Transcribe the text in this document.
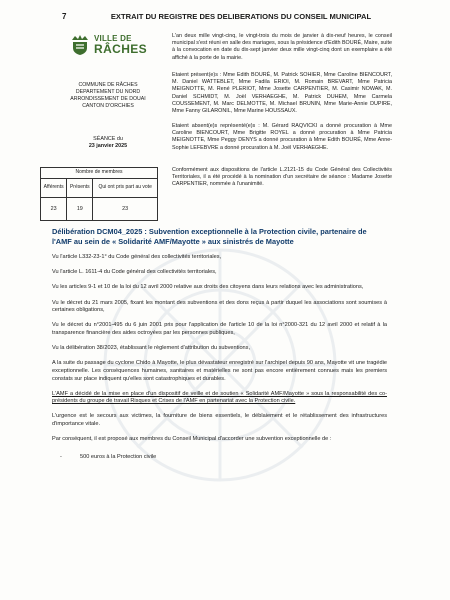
7	EXTRAIT DU REGISTRE DES DELIBERATIONS DU CONSEIL MUNICIPAL
VILLE DE
RÂCHES
COMMUNE DE RÂCHES
DEPARTEMENT DU NORD
ARRONDISSEMENT DE DOUAI
CANTON D'ORCHIES
SÉANCE du
23 janvier 2025
Nombre de membres		
Afférents	Présents	Qui ont pris part au vote
23	19	23
L'an deux mille vingt-cinq, le vingt-trois du mois de janvier à dix-neuf heures, le conseil municipal s'est réuni en salle des mariages, sous la présidence d'Edith BOURÉ, Maire, suite à la convocation en date du dix-sept janvier deux mille vingt-cinq dont un exemplaire a été affiché à la porte de la mairie.
Etaient présent(e)s : Mme Edith BOURÉ, M. Patrick SOHIER, Mme Caroline BIENCOURT, M. Daniel WATTEBLET, Mme Fadila ERIOI, M. Romain BREVART, Mme Patricia MEIGNOTTE, M. René PLERIOT, Mme Josette CARPENTIER, M. Casimir NOWAK, M. Daniel SCHMIDT, M. Joël VERHAEGHE, M. Patrick DUHEM, Mme Carmela COUSSEMENT, M. Marc DELMOTTE, M. Michael BRUNIN, Mme Marie-Annie DUPIRE, Mme Fanny GILARONIL, Mme Marine HOUSSAUX.
Etaient absent(e)s représenté(e)s : M. Gérard RAQVICKI a donné procuration à Mme Caroline BIENCOURT, Mme Brigitte ROYEL a donné procuration à Mme Patricia MEIGNOTTE, Mme Peggy DENYS a donné procuration à Mme Edith BOURÉ, Mme Anne-Sophie LEFEBVRE a donné procuration à M. Joël VERHAEGHE.
Conformément aux dispositions de l'article L.2121-15 du Code Général des Collectivités Territoriales, il a été procédé à la nomination d'un secrétaire de séance : Madame Josette CARPENTIER, nommée à l'unanimité.
Délibération DCM04_2025 : Subvention exceptionnelle à la Protection civile, partenaire de l'AMF au sein de « Solidarité AMF/Mayotte » aux sinistrés de Mayotte

Vu l'article L332-23-1° du Code général des collectivités territoriales,

Vu l'article L. 1611-4 du Code général des collectivités territoriales,

Vu les articles 9-1 et 10 de la loi du 12 avril 2000 relative aux droits des citoyens dans leurs relations avec les administrations,

Vu le décret du 21 mars 2005, fixant les montant des subventions et des dons reçus à partir duquel les associations sont soumises à certaines obligations,

Vu le décret du n°2001-495 du 6 juin 2001 pris pour l'application de l'article 10 de la loi n°2000-321 du 12 avril 2000 et relatif à la transparence financière des aides octroyées par les personnes publiques,

Vu la délibération 38/2023, établissant le règlement d'attribution du subventions,

A la suite du passage du cyclone Chido à Mayotte, le plus dévastateur enregistré sur l'archipel depuis 90 ans, Mayotte vit une tragédie exceptionnelle. Les conséquences humaines, sanitaires et matérielles ne sont pas encore entièrement connues mais les premiers constats sur place indiquent qu'elles sont catastrophiques et durables.

L'AMF a décidé de la mise en place d'un dispositif de veille et de soutien « Solidarité AMF/Mayotte » sous la responsabilité des co-présidents du groupe de travail Risques et Crises de l'AMF en partenariat avec la Protection civile.

L'urgence est le secours aux victimes, la fourniture de biens essentiels, le déblaiement et le rétablissement des infrastructures d'importance vitale.

Par conséquent, il est proposé aux membres du Conseil Municipal d'accorder une subvention exceptionnelle de :

-	500 euros à la Protection civile
